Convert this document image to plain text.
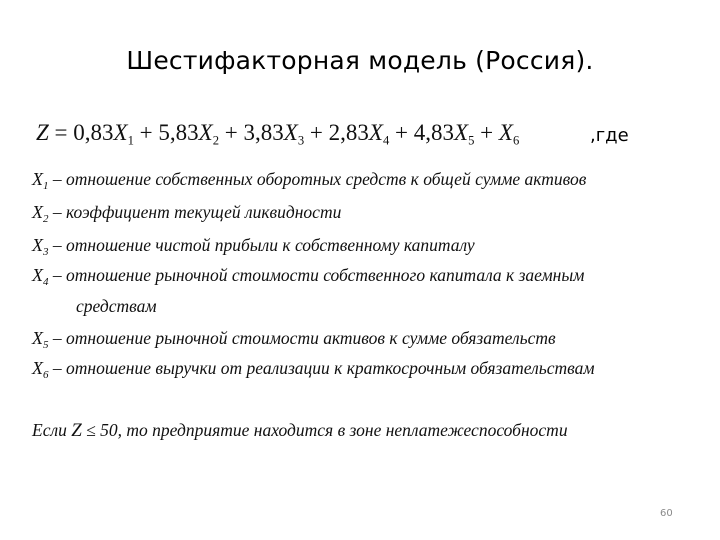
Шестифакторная модель (Россия).
$Z = 0,83X_1 + 5,83X_2 + 3,83X_3 + 2,83X_4 + 4,83X_5 + X_6$	,где
$X_1$ – отношение собственных оборотных средств к общей сумме активов
$X_2$ – коэффициент текущей ликвидности
$X_3$ – отношение чистой прибыли к собственному капиталу
$X_4$ – отношение рыночной стоимости собственного капитала к заемным
средствам
$X_5$ – отношение рыночной стоимости активов к сумме обязательств
$X_6$ – отношение выручки от реализации к краткосрочным обязательствам
Если Z ≤ 50, то предприятие находится в зоне неплатежеспособности
60
